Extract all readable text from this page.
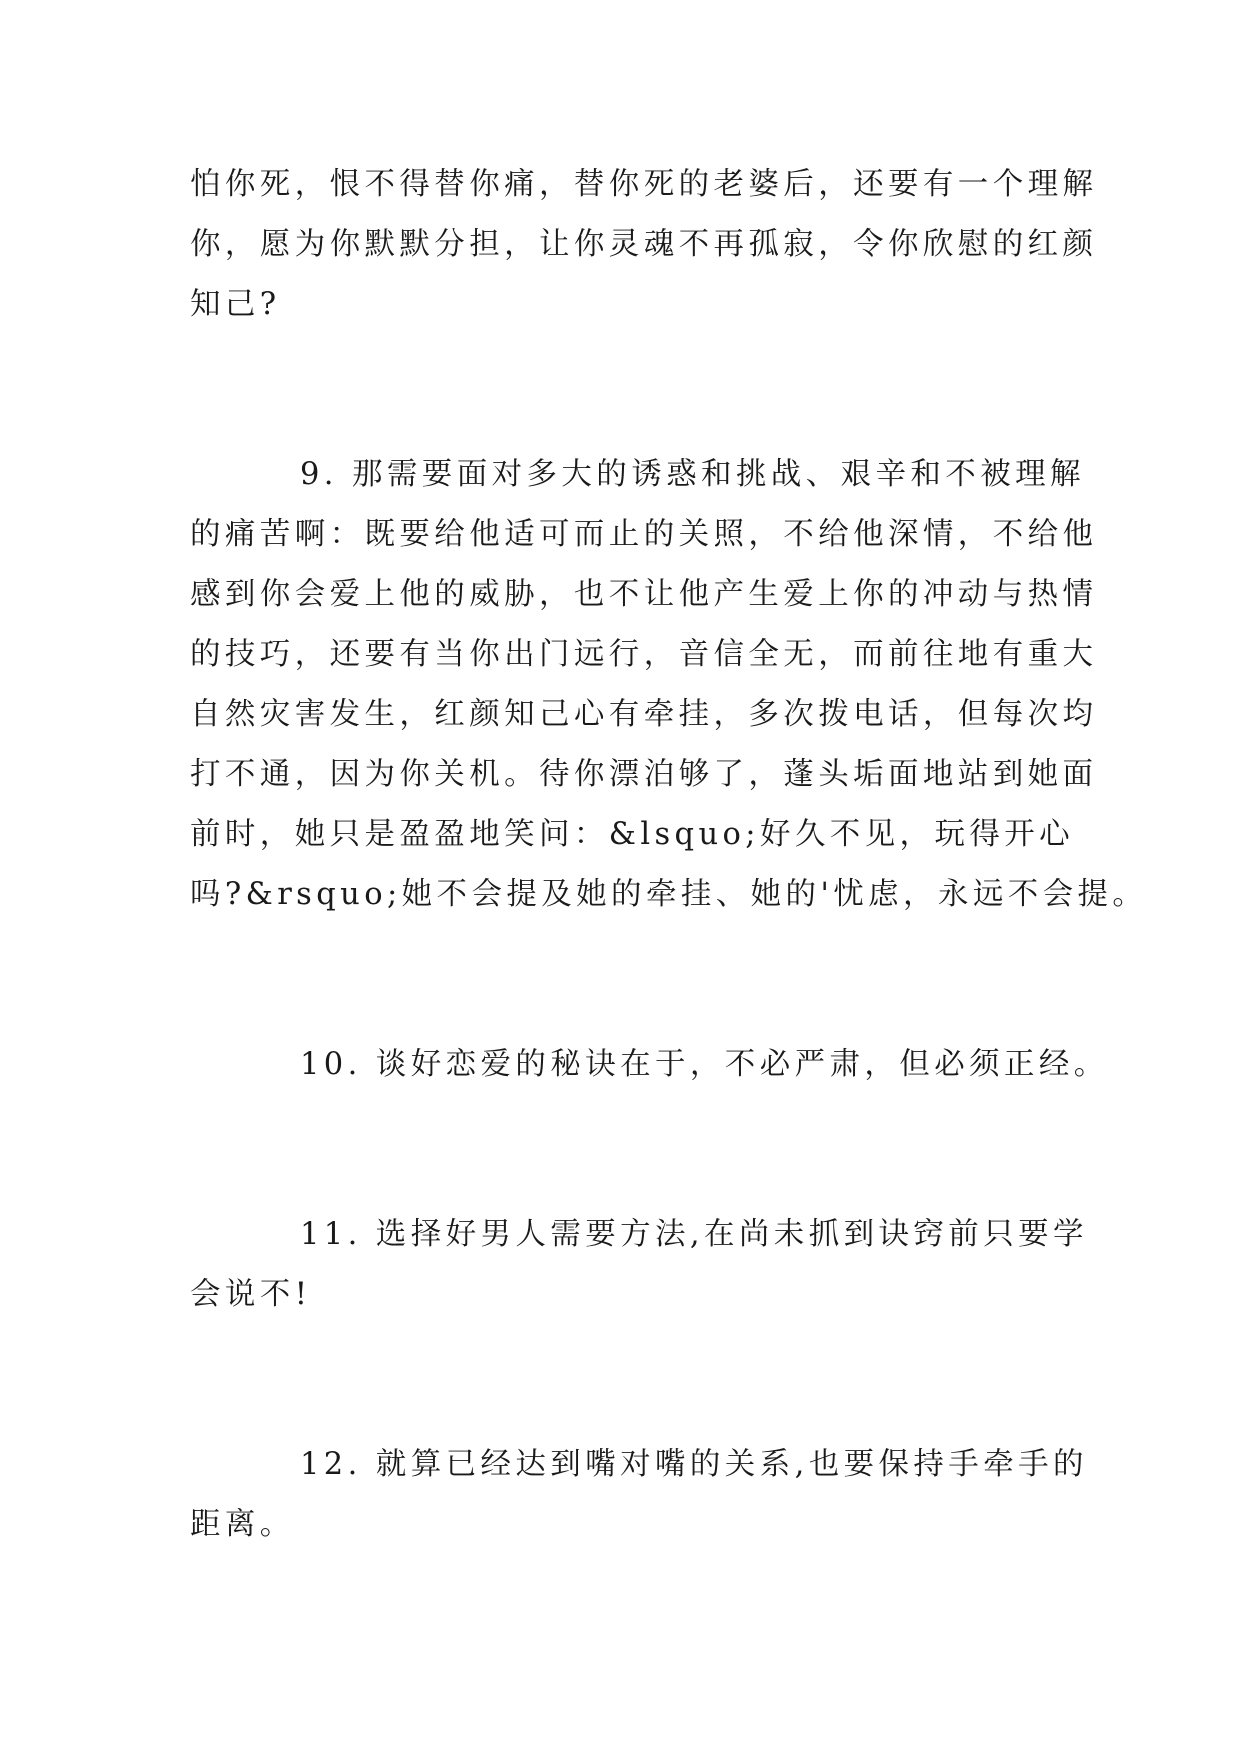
怕你死，恨不得替你痛，替你死的老婆后，还要有一个理解
你，愿为你默默分担，让你灵魂不再孤寂，令你欣慰的红颜
知己?
9. 那需要面对多大的诱惑和挑战、艰辛和不被理解
的痛苦啊：既要给他适可而止的关照，不给他深情，不给他
感到你会爱上他的威胁，也不让他产生爱上你的冲动与热情
的技巧，还要有当你出门远行，音信全无，而前往地有重大
自然灾害发生，红颜知己心有牵挂，多次拨电话，但每次均
打不通，因为你关机。待你漂泊够了，蓬头垢面地站到她面
前时，她只是盈盈地笑问：&lsquo;好久不见，玩得开心
吗?&rsquo;她不会提及她的牵挂、她的'忧虑，永远不会提。
10. 谈好恋爱的秘诀在于，不必严肃，但必须正经。
11. 选择好男人需要方法,在尚未抓到诀窍前只要学
会说不!
12. 就算已经达到嘴对嘴的关系,也要保持手牵手的
距离。
